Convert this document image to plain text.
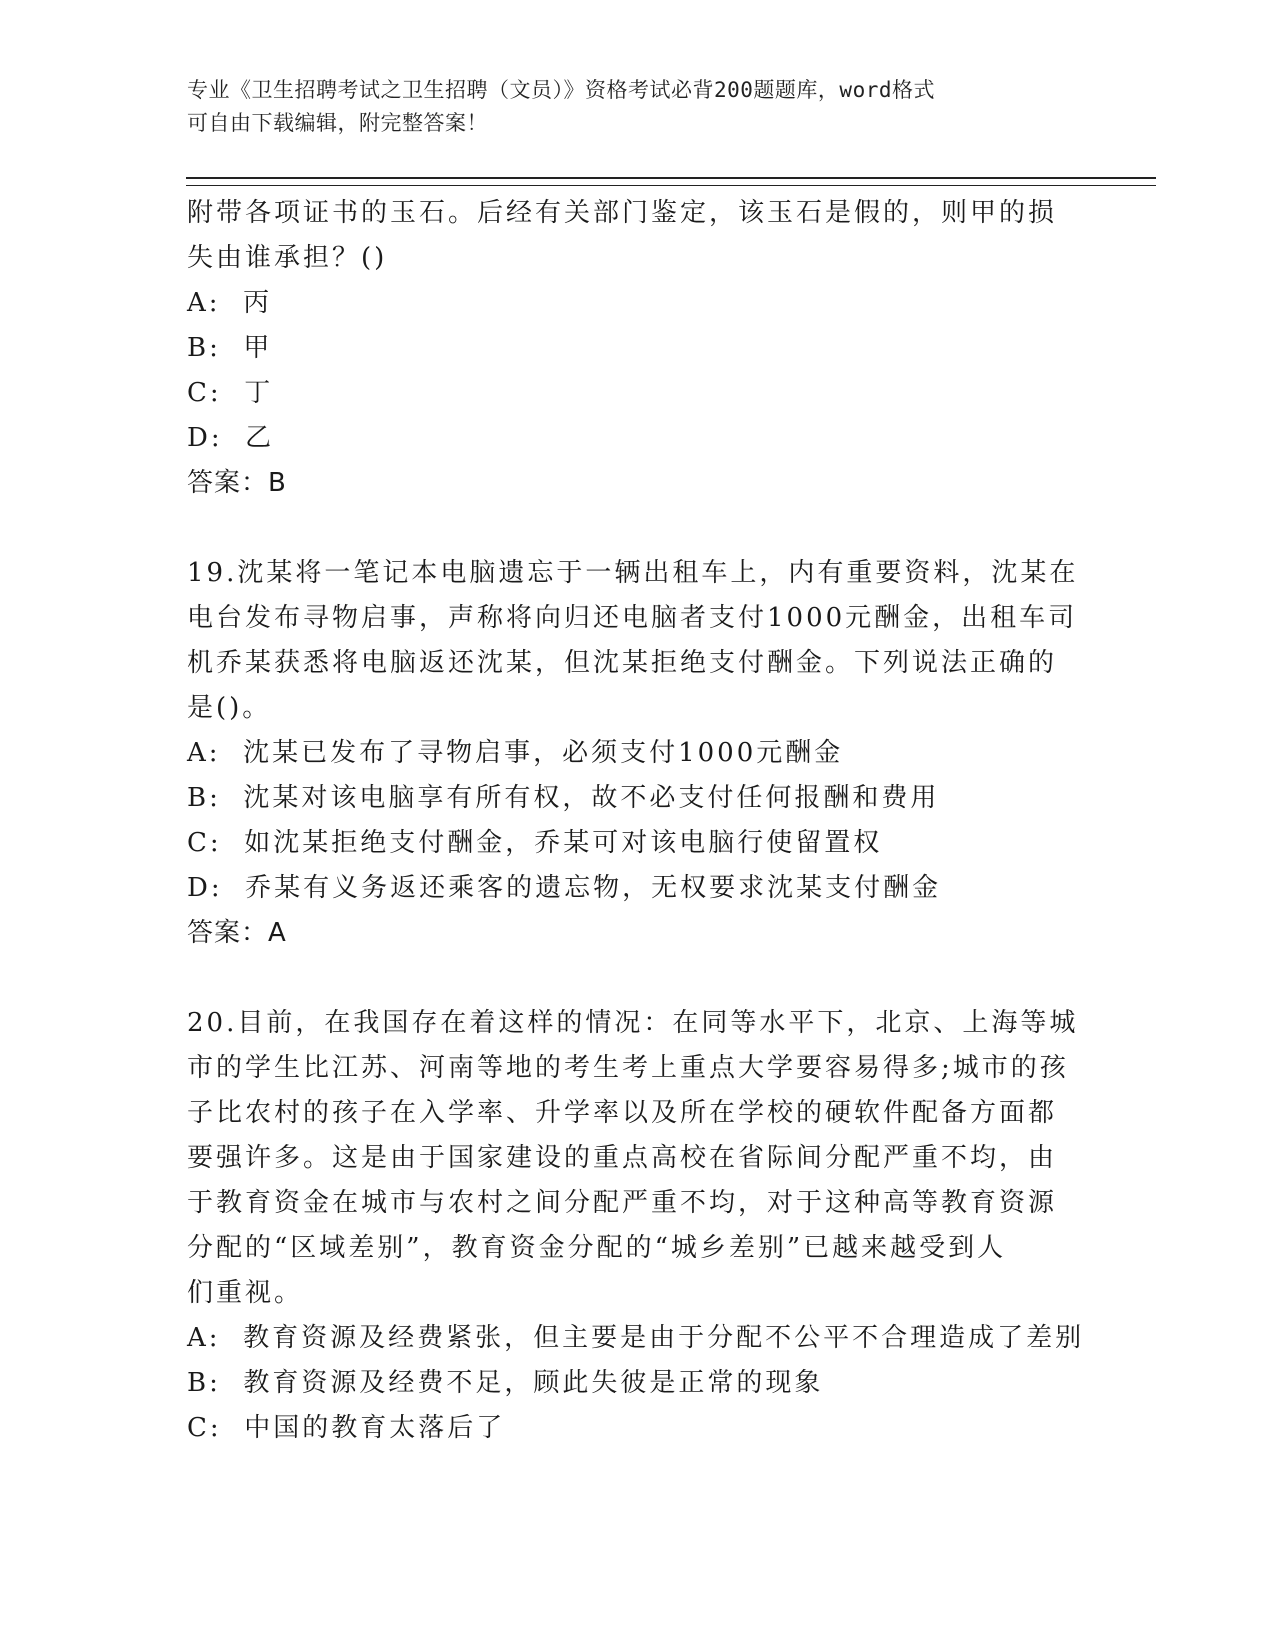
专业《卫生招聘考试之卫生招聘（文员）》资格考试必背200题题库，word格式
可自由下载编辑，附完整答案！

附带各项证书的玉石。后经有关部门鉴定，该玉石是假的，则甲的损

失由谁承担？()

A: 丙

B: 甲

C: 丁

D: 乙

答案：B

19.沈某将一笔记本电脑遗忘于一辆出租车上，内有重要资料，沈某在

电台发布寻物启事，声称将向归还电脑者支付1000元酬金，出租车司

机乔某获悉将电脑返还沈某，但沈某拒绝支付酬金。下列说法正确的

是()。

A: 沈某已发布了寻物启事，必须支付1000元酬金

B: 沈某对该电脑享有所有权，故不必支付任何报酬和费用

C: 如沈某拒绝支付酬金，乔某可对该电脑行使留置权

D: 乔某有义务返还乘客的遗忘物，无权要求沈某支付酬金

答案：A

20.目前，在我国存在着这样的情况：在同等水平下，北京、上海等城

市的学生比江苏、河南等地的考生考上重点大学要容易得多;城市的孩

子比农村的孩子在入学率、升学率以及所在学校的硬软件配备方面都

要强许多。这是由于国家建设的重点高校在省际间分配严重不均，由

于教育资金在城市与农村之间分配严重不均，对于这种高等教育资源

分配的“区域差别”，教育资金分配的“城乡差别”已越来越受到人

们重视。

A: 教育资源及经费紧张，但主要是由于分配不公平不合理造成了差别

B: 教育资源及经费不足，顾此失彼是正常的现象

C: 中国的教育太落后了
